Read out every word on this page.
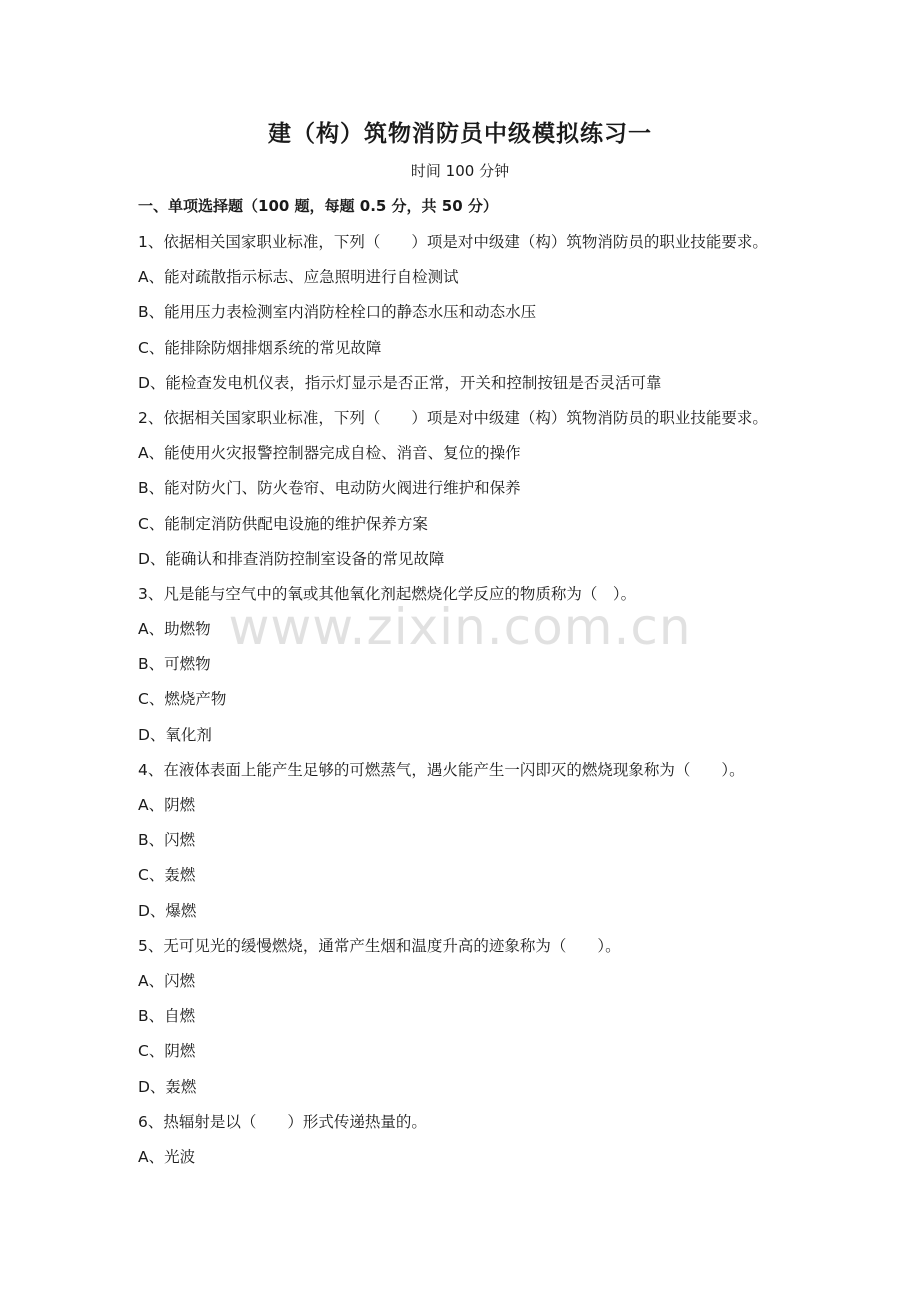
建（构）筑物消防员中级模拟练习一
时间 100 分钟
一、单项选择题（100 题，每题 0.5 分，共 50 分）
1、依据相关国家职业标准，下列（　　）项是对中级建（构）筑物消防员的职业技能要求。
A、能对疏散指示标志、应急照明进行自检测试
B、能用压力表检测室内消防栓栓口的静态水压和动态水压
C、能排除防烟排烟系统的常见故障
D、能检查发电机仪表，指示灯显示是否正常，开关和控制按钮是否灵活可靠
2、依据相关国家职业标准，下列（　　）项是对中级建（构）筑物消防员的职业技能要求。
A、能使用火灾报警控制器完成自检、消音、复位的操作
B、能对防火门、防火卷帘、电动防火阀进行维护和保养
C、能制定消防供配电设施的维护保养方案
D、能确认和排查消防控制室设备的常见故障
3、凡是能与空气中的氧或其他氧化剂起燃烧化学反应的物质称为（　）。
A、助燃物
B、可燃物
C、燃烧产物
D、氧化剂
4、在液体表面上能产生足够的可燃蒸气，遇火能产生一闪即灭的燃烧现象称为（　　）。
A、阴燃
B、闪燃
C、轰燃
D、爆燃
5、无可见光的缓慢燃烧，通常产生烟和温度升高的迹象称为（　　）。
A、闪燃
B、自燃
C、阴燃
D、轰燃
6、热辐射是以（　　）形式传递热量的。
A、光波
www.zixin.com.cn
